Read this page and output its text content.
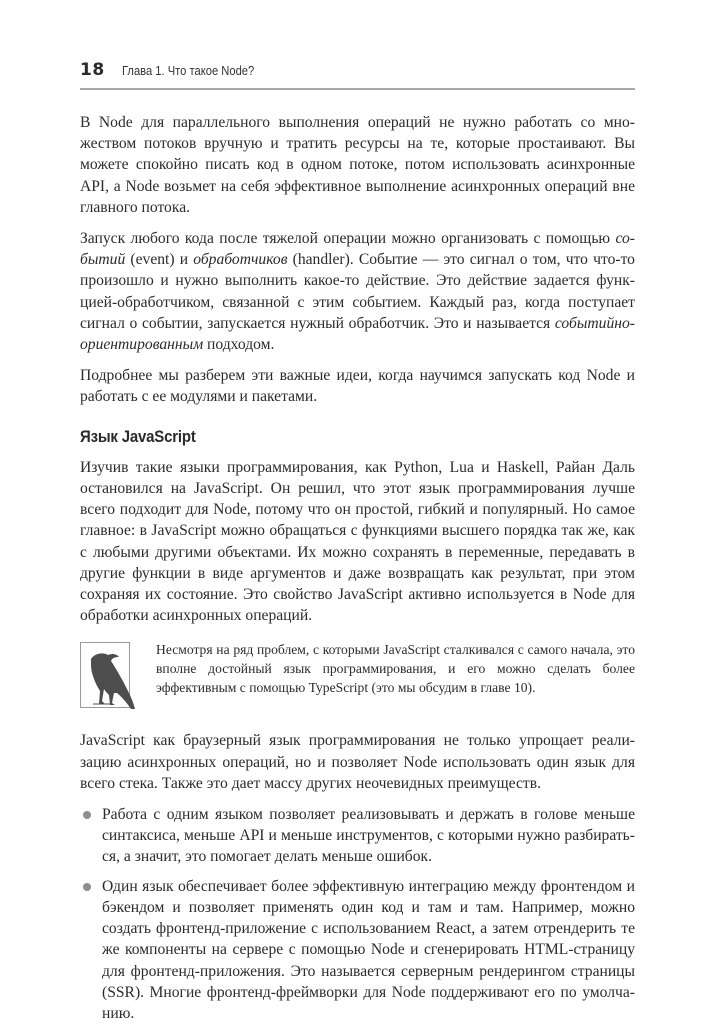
18 Глава 1. Что такое Node?

В Node для параллельного выполнения операций не нужно работать со множеством потоков вручную и тратить ресурсы на те, которые простаивают. Вы можете спокойно писать код в одном потоке, потом использовать асинхронные API, а Node возьмет на себя эффективное выполнение асинхронных операций вне главного потока.

Запуск любого кода после тяжелой операции можно организовать с помощью событий (event) и обработчиков (handler). Событие — это сигнал о том, что что-то произошло и нужно выполнить какое-то действие. Это действие задается функцией-обработчиком, связанной с этим событием. Каждый раз, когда поступает сигнал о событии, запускается нужный обработчик. Это и называется событийно-ориентированным подходом.

Подробнее мы разберем эти важные идеи, когда научимся запускать код Node и работать с ее модулями и пакетами.

Язык JavaScript

Изучив такие языки программирования, как Python, Lua и Haskell, Райан Даль остановился на JavaScript. Он решил, что этот язык программирования лучше всего подходит для Node, потому что он простой, гибкий и популярный. Но самое главное: в JavaScript можно обращаться с функциями высшего порядка так же, как с любыми другими объектами. Их можно сохранять в переменные, передавать в другие функции в виде аргументов и даже возвращать как результат, при этом сохраняя их состояние. Это свойство JavaScript активно используется в Node для обработки асинхронных операций.

Несмотря на ряд проблем, с которыми JavaScript сталкивался с самого начала, это вполне достойный язык программирования, и его можно сделать более эффективным с помощью TypeScript (это мы обсудим в главе 10).

JavaScript как браузерный язык программирования не только упрощает реализацию асинхронных операций, но и позволяет Node использовать один язык для всего стека. Также это дает массу других неочевидных преимуществ.

Работа с одним языком позволяет реализовывать и держать в голове меньше синтаксиса, меньше API и меньше инструментов, с которыми нужно разбираться, а значит, это помогает делать меньше ошибок.
Один язык обеспечивает более эффективную интеграцию между фронтендом и бэкендом и позволяет применять один код и там и там. Например, можно создать фронтенд-приложение с использованием React, а затем отрендерить те же компоненты на сервере с помощью Node и сгенерировать HTML-страницу для фронтенд-приложения. Это называется серверным рендерингом страницы (SSR). Многие фронтенд-фреймворки для Node поддерживают его по умолчанию.
